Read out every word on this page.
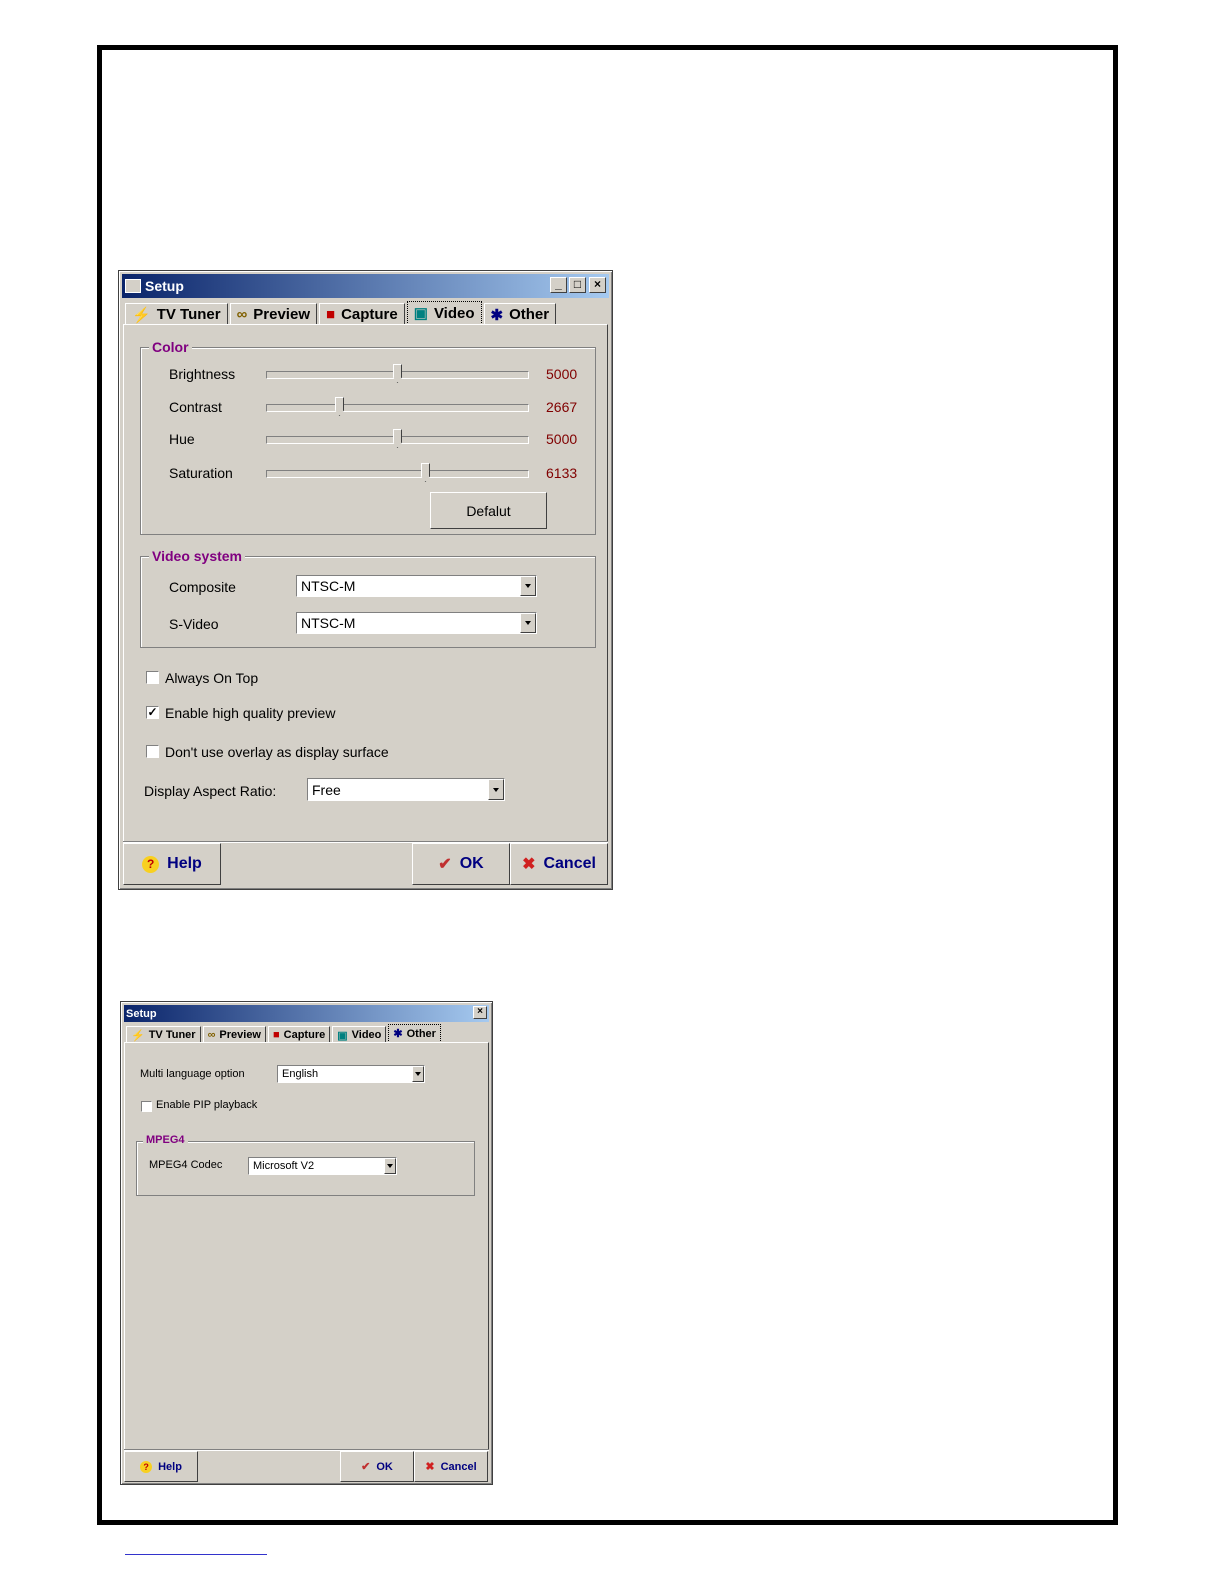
Setup	_	□	×
⚡ TV Tuner ∞ Preview ■ Capture ▣ Video ✱ Other
Color
Brightness	5000
Contrast	2667
Hue	5000
Saturation	6133
Defalut
Video system
Composite	NTSC-M
S-Video	NTSC-M
Always On Top
✓ Enable high quality preview
Don't use overlay as display surface
Display Aspect Ratio:	Free
? Help	✔ OK ✖ Cancel
Setup	×
⚡ TV Tuner ∞ Preview ■ Capture ▣ Video ✱ Other
Multi language option	English
Enable PIP playback
MPEG4
MPEG4 Codec	Microsoft V2
? Help	✔ OK	✖ Cancel
